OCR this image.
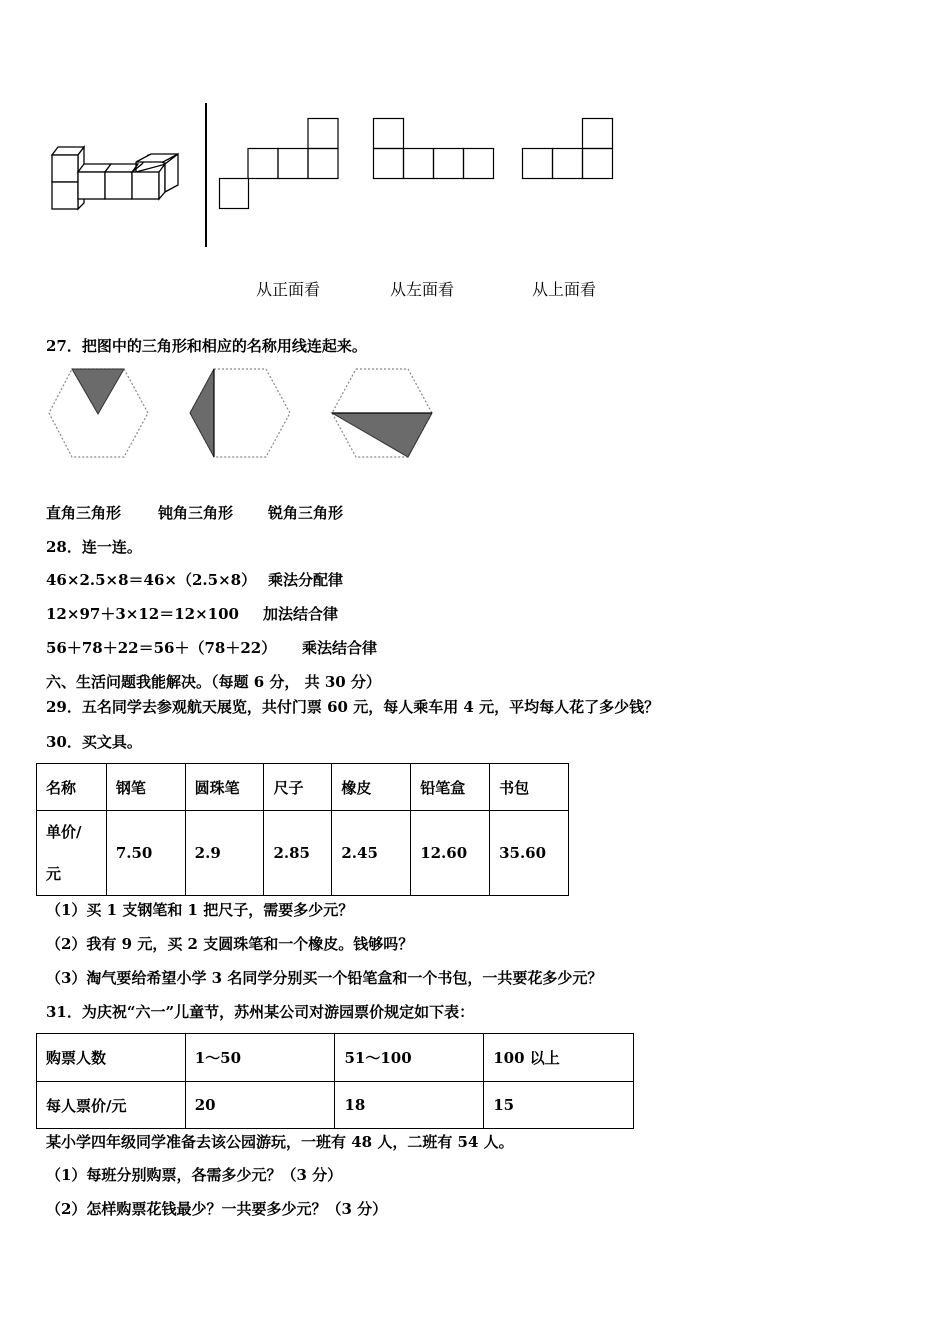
从正面看	从左面看	从上面看
27．把图中的三角形和相应的名称用线连起来。
直角三角形 钝角三角形 锐角三角形
28．连一连。
46×2.5×8＝46×（2.5×8） 乘法分配律
12×97＋3×12＝12×100 加法结合律
56＋78＋22＝56＋（78＋22） 乘法结合律
六、生活问题我能解决。（每题 6 分， 共 30 分）
29．五名同学去参观航天展览，共付门票 60 元，每人乘车用 4 元，平均每人花了多少钱？
30．买文具。
名称	钢笔	圆珠笔	尺子	橡皮	铅笔盒	书包
单价/
元	7.50	2.9	2.85	2.45	12.60	35.60
（1）买 1 支钢笔和 1 把尺子，需要多少元？
（2）我有 9 元，买 2 支圆珠笔和一个橡皮。钱够吗？
（3）淘气要给希望小学 3 名同学分别买一个铅笔盒和一个书包，一共要花多少元？
31．为庆祝“六一”儿童节，苏州某公司对游园票价规定如下表：
购票人数	1～50	51～100	100 以上
每人票价/元	20	18	15
某小学四年级同学准备去该公园游玩，一班有 48 人，二班有 54 人。
（1）每班分别购票，各需多少元？（3 分）
（2）怎样购票花钱最少？一共要多少元？（3 分）
